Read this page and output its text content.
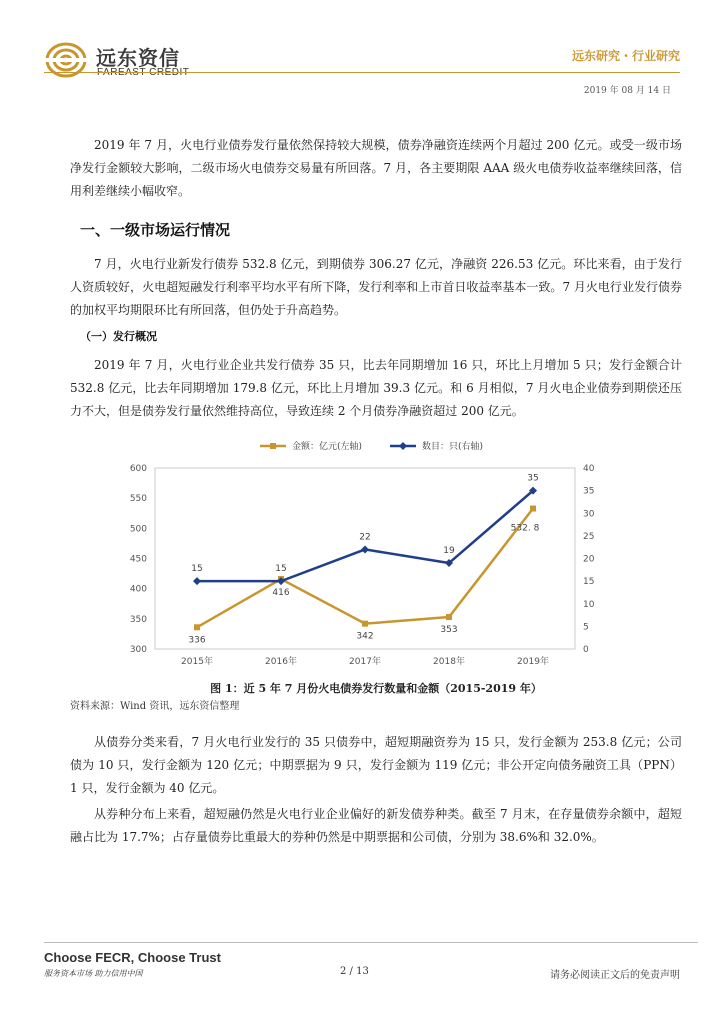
远东资信
FAREAST CREDIT
远东研究・行业研究
2019 年 08 月 14 日

2019 年 7 月，火电行业债券发行量依然保持较大规模，债券净融资连续两个月超过 200 亿元。或受一级市场净发行金额较大影响，二级市场火电债券交易量有所回落。7 月，各主要期限 AAA 级火电债券收益率继续回落，信用利差继续小幅收窄。

一、一级市场运行情况

7 月，火电行业新发行债券 532.8 亿元，到期债券 306.27 亿元，净融资 226.53 亿元。环比来看，由于发行人资质较好，火电超短融发行利率平均水平有所下降，发行利率和上市首日收益率基本一致。7 月火电行业发行债券的加权平均期限环比有所回落，但仍处于升高趋势。

（一）发行概况

2019 年 7 月，火电行业企业共发行债券 35 只，比去年同期增加 16 只，环比上月增加 5 只；发行金额合计 532.8 亿元，比去年同期增加 179.8 亿元，环比上月增加 39.3 亿元。和 6 月相似，7 月火电企业债券到期偿还压力不大，但是债券发行量依然维持高位，导致连续 2 个月债券净融资超过 200 亿元。

300
350
400
450
500
550
600
0
5
10
15
20
25
30
35
40
2015年	2016年	2017年	2018年	2019年
336
416
342
353
532. 8
15	15
22
19
35
金额：亿元(左轴)	数目：只(右轴)
图 1：近 5 年 7 月份火电债券发行数量和金额（2015-2019 年）
资料来源：Wind 资讯，远东资信整理

从债券分类来看，7 月火电行业发行的 35 只债券中，超短期融资券为 15 只，发行金额为 253.8 亿元；公司债为 10 只，发行金额为 120 亿元；中期票据为 9 只，发行金额为 119 亿元；非公开定向债务融资工具（PPN）1 只，发行金额为 40 亿元。

从券种分布上来看，超短融仍然是火电行业企业偏好的新发债券种类。截至 7 月末，在存量债券余额中，超短融占比为 17.7%；占存量债券比重最大的券种仍然是中期票据和公司债，分别为 38.6%和 32.0%。

Choose FECR, Choose Trust
服务资本市场 助力信用中国	2 / 13	请务必阅读正文后的免责声明
